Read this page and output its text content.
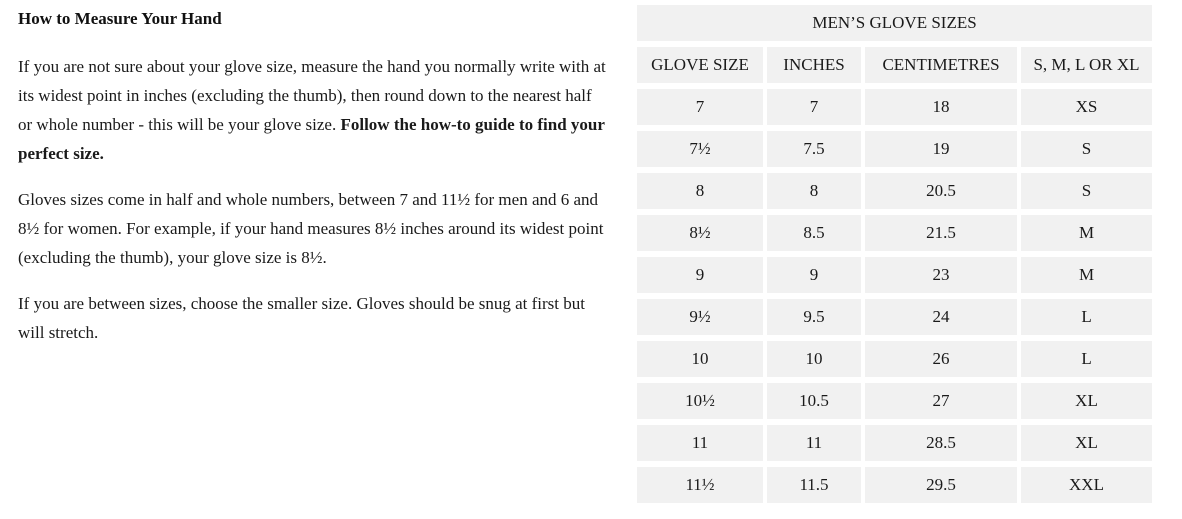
How to Measure Your Hand

If you are not sure about your glove size, measure the hand you normally write with at its widest point in inches (excluding the thumb), then round down to the nearest half or whole number - this will be your glove size. Follow the how-to guide to find your perfect size.

Gloves sizes come in half and whole numbers, between 7 and 11½ for men and 6 and 8½ for women. For example, if your hand measures 8½ inches around its widest point (excluding the thumb), your glove size is 8½.

If you are between sizes, choose the smaller size. Gloves should be snug at first but will stretch.

MEN’S GLOVE SIZES			
GLOVE SIZE	INCHES	CENTIMETRES	S, M, L OR XL
7	7	18	XS
7½	7.5	19	S
8	8	20.5	S
8½	8.5	21.5	M
9	9	23	M
9½	9.5	24	L
10	10	26	L
10½	10.5	27	XL
11	11	28.5	XL
11½	11.5	29.5	XXL
